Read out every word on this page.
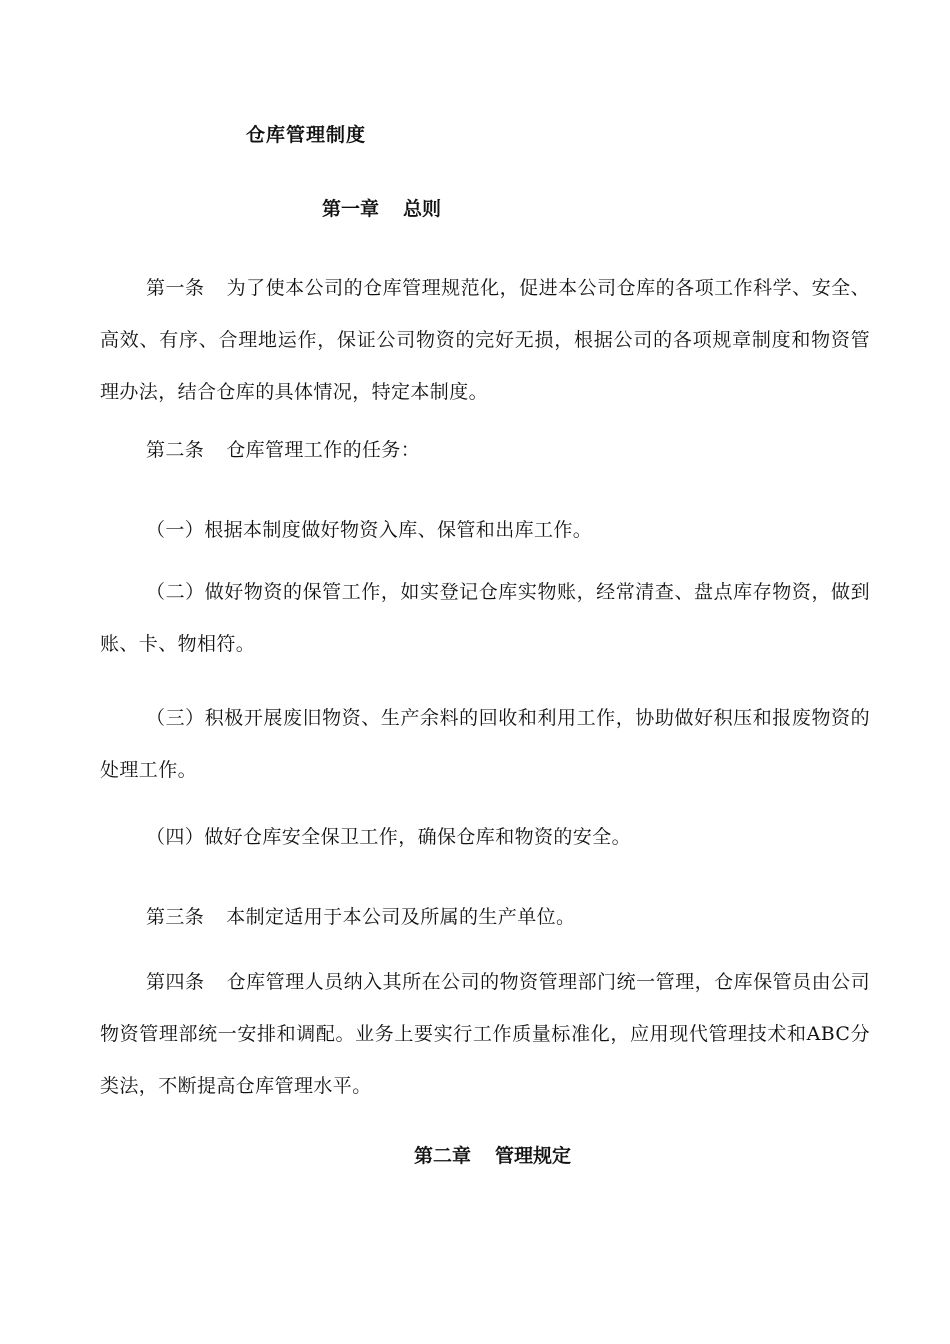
仓库管理制度
第一章 总则

第一条 为了使本公司的仓库管理规范化，促进本公司仓库的各项工作科学、安全、高效、有序、合理地运作，保证公司物资的完好无损，根据公司的各项规章制度和物资管理办法，结合仓库的具体情况，特定本制度。

第二条 仓库管理工作的任务：

（一）根据本制度做好物资入库、保管和出库工作。

（二）做好物资的保管工作，如实登记仓库实物账，经常清查、盘点库存物资，做到账、卡、物相符。

（三）积极开展废旧物资、生产余料的回收和利用工作，协助做好积压和报废物资的处理工作。

（四）做好仓库安全保卫工作，确保仓库和物资的安全。

第三条 本制定适用于本公司及所属的生产单位。

第四条 仓库管理人员纳入其所在公司的物资管理部门统一管理，仓库保管员由公司物资管理部统一安排和调配。业务上要实行工作质量标准化，应用现代管理技术和ABC分类法，不断提高仓库管理水平。

第二章 管理规定
